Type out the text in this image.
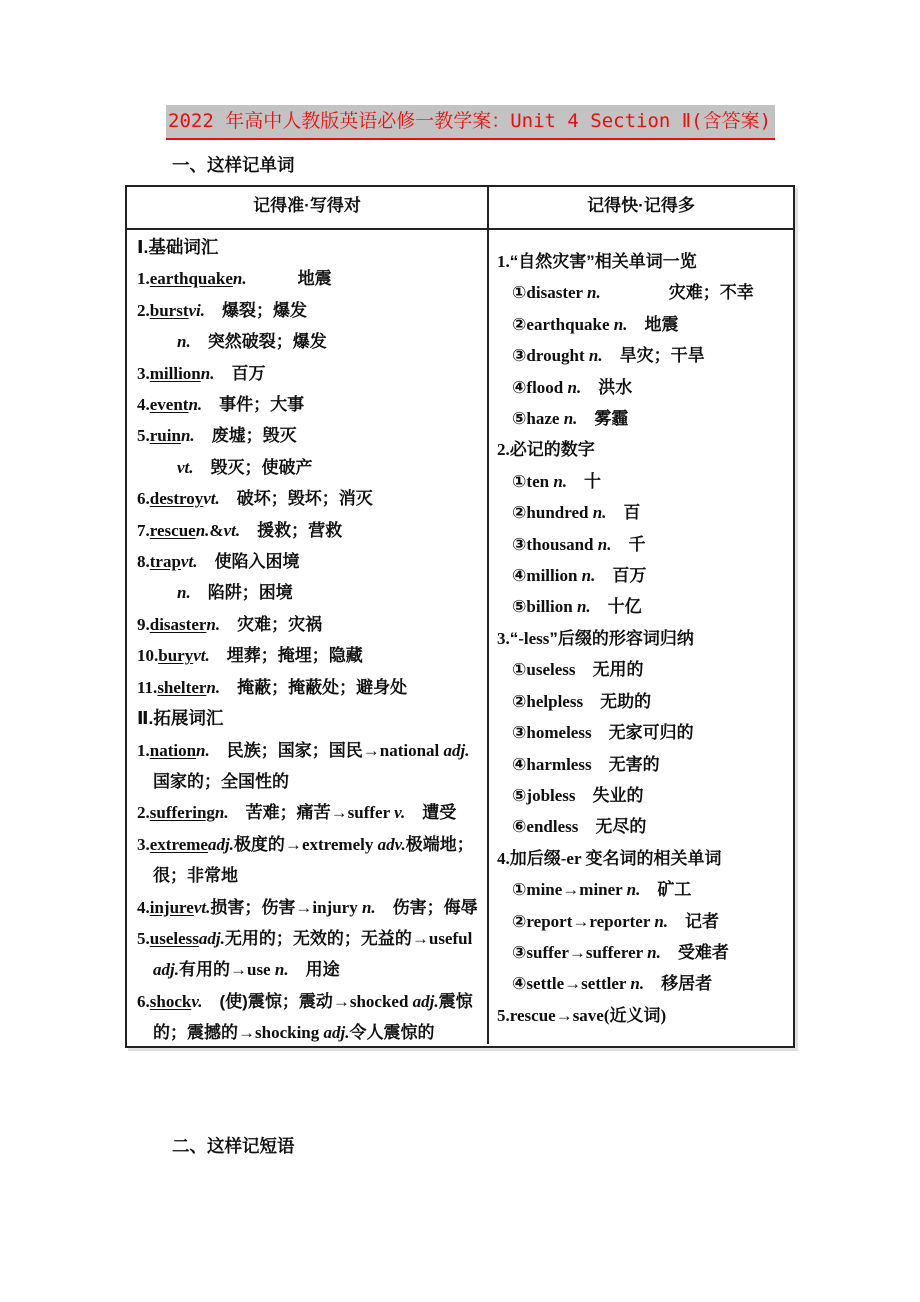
2022 年高中人教版英语必修一教学案：Unit 4 Section Ⅱ(含答案)
一、这样记单词
记得准·写得对	记得快·记得多
Ⅰ.基础词汇
1.earthquaken.　　　地震
2.burstvi.　爆裂；爆发
n.　突然破裂；爆发
3.millionn.　百万
4.eventn.　事件；大事
5.ruinn.　废墟；毁灭
vt.　毁灭；使破产
6.destroyvt.　破坏；毁坏；消灭
7.rescuen.&vt.　援救；营救
8.trapvt.　使陷入困境
n.　陷阱；困境
9.disastern.　灾难；灾祸
10.buryvt.　埋葬；掩埋；隐藏
11.sheltern.　掩蔽；掩蔽处；避身处
Ⅱ.拓展词汇
1.nationn.　民族；国家；国民→national adj.国家的；全国性的
2.sufferingn.　苦难；痛苦→suffer v.　遭受
3.extremeadj.极度的→extremely adv.极端地；很；非常地
4.injurevt.损害；伤害→injury n.　伤害；侮辱
5.uselessadj.无用的；无效的；无益的→useful adj.有用的→use n.　用途
6.shockv.　(使)震惊；震动→shocked adj.震惊的；震撼的→shocking adj.令人震惊的
1.“自然灾害”相关单词一览
①disaster n.　　　　灾难；不幸
②earthquake n.　地震
③drought n.　旱灾；干旱
④flood n.　洪水
⑤haze n.　雾霾
2.必记的数字
①ten n.　十
②hundred n.　百
③thousand n.　千
④million n.　百万
⑤billion n.　十亿
3.“-less”后缀的形容词归纳
①useless　无用的
②helpless　无助的
③homeless　无家可归的
④harmless　无害的
⑤jobless　失业的
⑥endless　无尽的
4.加后缀-er 变名词的相关单词
①mine→miner n.　矿工
②report→reporter n.　记者
③suffer→sufferer n.　受难者
④settle→settler n.　移居者
5.rescue→save(近义词)
二、这样记短语
